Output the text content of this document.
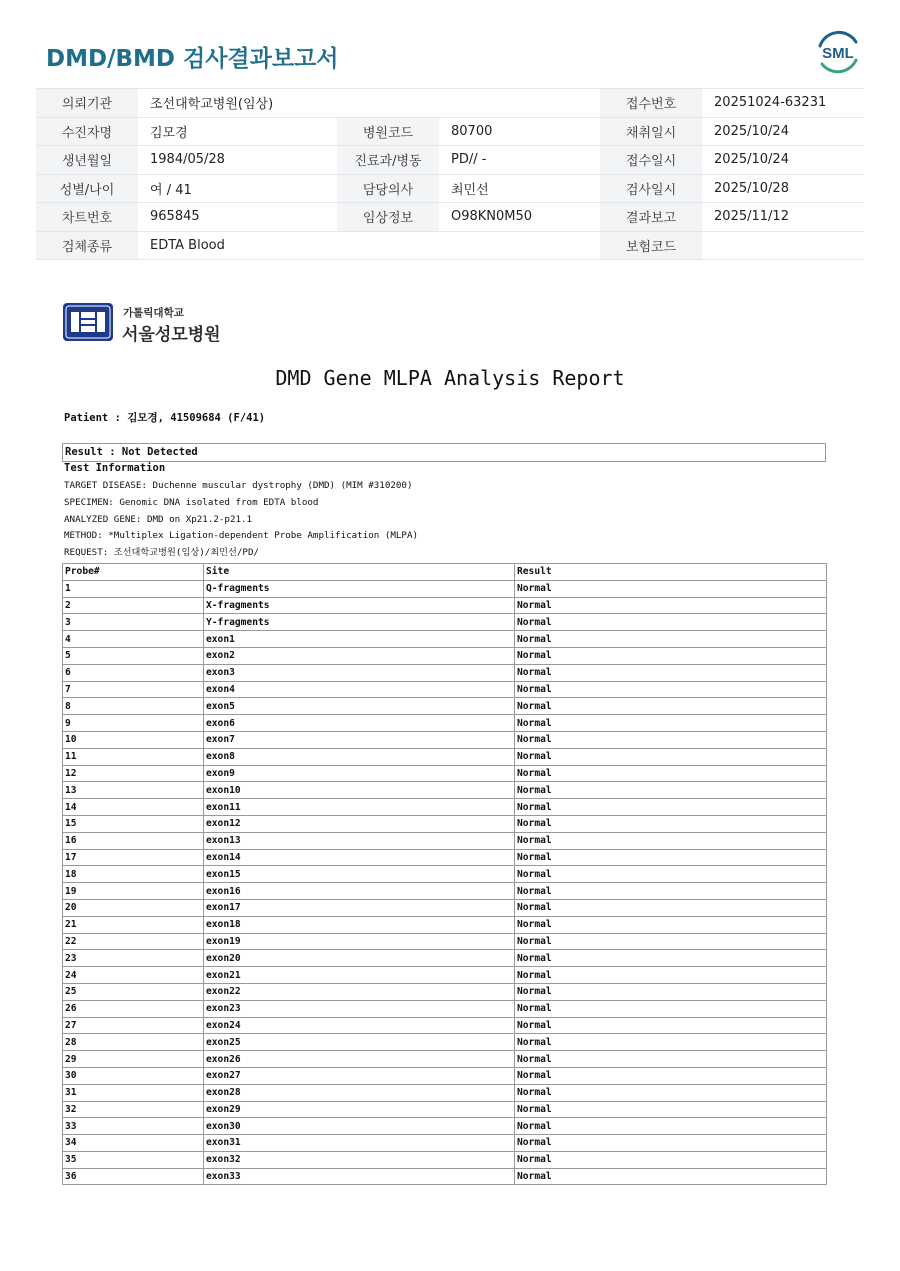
DMD/BMD 검사결과보고서	SML
의뢰기관	조선대학교병원(임상)			접수번호	20251024-63231
수진자명	김모경	병원코드	80700	채취일시	2025/10/24
생년월일	1984/05/28	진료과/병동	PD// -	접수일시	2025/10/24
성별/나이	여 / 41	담당의사	최민선	검사일시	2025/10/28
차트번호	965845	임상정보	O98KN0M50	결과보고	2025/11/12
검체종류	EDTA Blood			보험코드	
가톨릭대학교
서울성모병원
DMD Gene MLPA Analysis Report
Patient : 김모경, 41509684 (F/41)
Result : Not Detected
Test Information
TARGET DISEASE: Duchenne muscular dystrophy (DMD) (MIM #310200)
SPECIMEN: Genomic DNA isolated from EDTA blood
ANALYZED GENE: DMD on Xp21.2-p21.1
METHOD: *Multiplex Ligation-dependent Probe Amplification (MLPA)
REQUEST: 조선대학교병원(임상)/최민선/PD/
Probe#	Site	Result
1	Q-fragments	Normal
2	X-fragments	Normal
3	Y-fragments	Normal
4	exon1	Normal
5	exon2	Normal
6	exon3	Normal
7	exon4	Normal
8	exon5	Normal
9	exon6	Normal
10	exon7	Normal
11	exon8	Normal
12	exon9	Normal
13	exon10	Normal
14	exon11	Normal
15	exon12	Normal
16	exon13	Normal
17	exon14	Normal
18	exon15	Normal
19	exon16	Normal
20	exon17	Normal
21	exon18	Normal
22	exon19	Normal
23	exon20	Normal
24	exon21	Normal
25	exon22	Normal
26	exon23	Normal
27	exon24	Normal
28	exon25	Normal
29	exon26	Normal
30	exon27	Normal
31	exon28	Normal
32	exon29	Normal
33	exon30	Normal
34	exon31	Normal
35	exon32	Normal
36	exon33	Normal
